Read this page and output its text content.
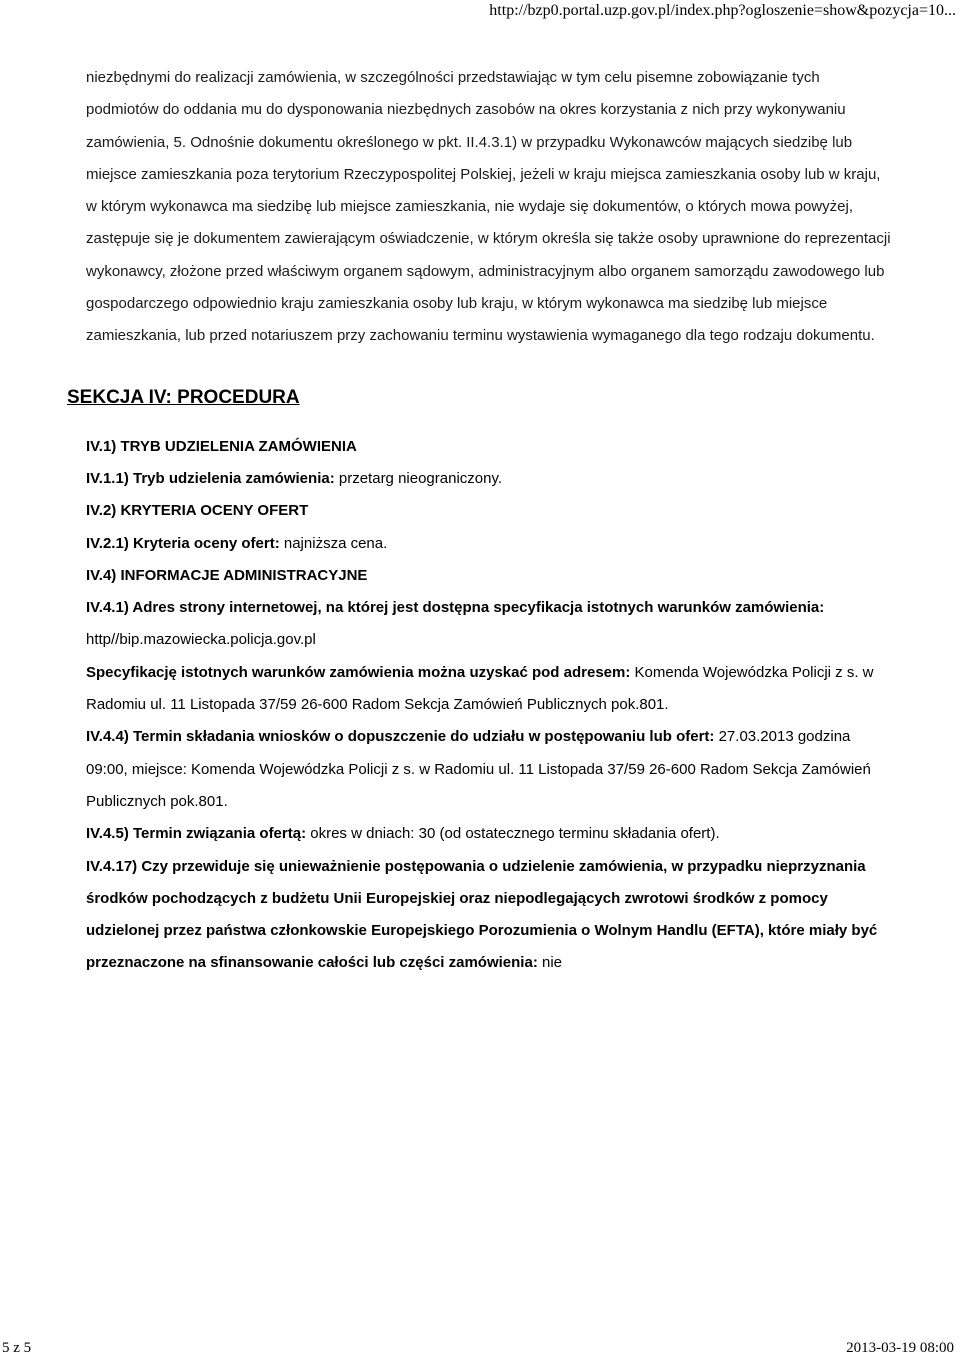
http://bzp0.portal.uzp.gov.pl/index.php?ogloszenie=show&pozycja=10...

niezbędnymi do realizacji zamówienia, w szczególności przedstawiając w tym celu pisemne zobowiązanie tych podmiotów do oddania mu do dysponowania niezbędnych zasobów na okres korzystania z nich przy wykonywaniu zamówienia, 5. Odnośnie dokumentu określonego w pkt. II.4.3.1) w przypadku Wykonawców mających siedzibę lub miejsce zamieszkania poza terytorium Rzeczypospolitej Polskiej, jeżeli w kraju miejsca zamieszkania osoby lub w kraju, w którym wykonawca ma siedzibę lub miejsce zamieszkania, nie wydaje się dokumentów, o których mowa powyżej, zastępuje się je dokumentem zawierającym oświadczenie, w którym określa się także osoby uprawnione do reprezentacji wykonawcy, złożone przed właściwym organem sądowym, administracyjnym albo organem samorządu zawodowego lub gospodarczego odpowiednio kraju zamieszkania osoby lub kraju, w którym wykonawca ma siedzibę lub miejsce zamieszkania, lub przed notariuszem przy zachowaniu terminu wystawienia wymaganego dla tego rodzaju dokumentu.

SEKCJA IV: PROCEDURA

IV.1) TRYB UDZIELENIA ZAMÓWIENIA

IV.1.1) Tryb udzielenia zamówienia: przetarg nieograniczony.

IV.2) KRYTERIA OCENY OFERT

IV.2.1) Kryteria oceny ofert: najniższa cena.

IV.4) INFORMACJE ADMINISTRACYJNE

IV.4.1) Adres strony internetowej, na której jest dostępna specyfikacja istotnych warunków zamówienia: http//bip.mazowiecka.policja.gov.pl

Specyfikację istotnych warunków zamówienia można uzyskać pod adresem: Komenda Wojewódzka Policji z s. w Radomiu ul. 11 Listopada 37/59 26-600 Radom Sekcja Zamówień Publicznych pok.801.

IV.4.4) Termin składania wniosków o dopuszczenie do udziału w postępowaniu lub ofert: 27.03.2013 godzina 09:00, miejsce: Komenda Wojewódzka Policji z s. w Radomiu ul. 11 Listopada 37/59 26-600 Radom Sekcja Zamówień Publicznych pok.801.

IV.4.5) Termin związania ofertą: okres w dniach: 30 (od ostatecznego terminu składania ofert).

IV.4.17) Czy przewiduje się unieważnienie postępowania o udzielenie zamówienia, w przypadku nieprzyznania środków pochodzących z budżetu Unii Europejskiej oraz niepodlegających zwrotowi środków z pomocy udzielonej przez państwa członkowskie Europejskiego Porozumienia o Wolnym Handlu (EFTA), które miały być przeznaczone na sfinansowanie całości lub części zamówienia: nie

5 z 5	2013-03-19 08:00
